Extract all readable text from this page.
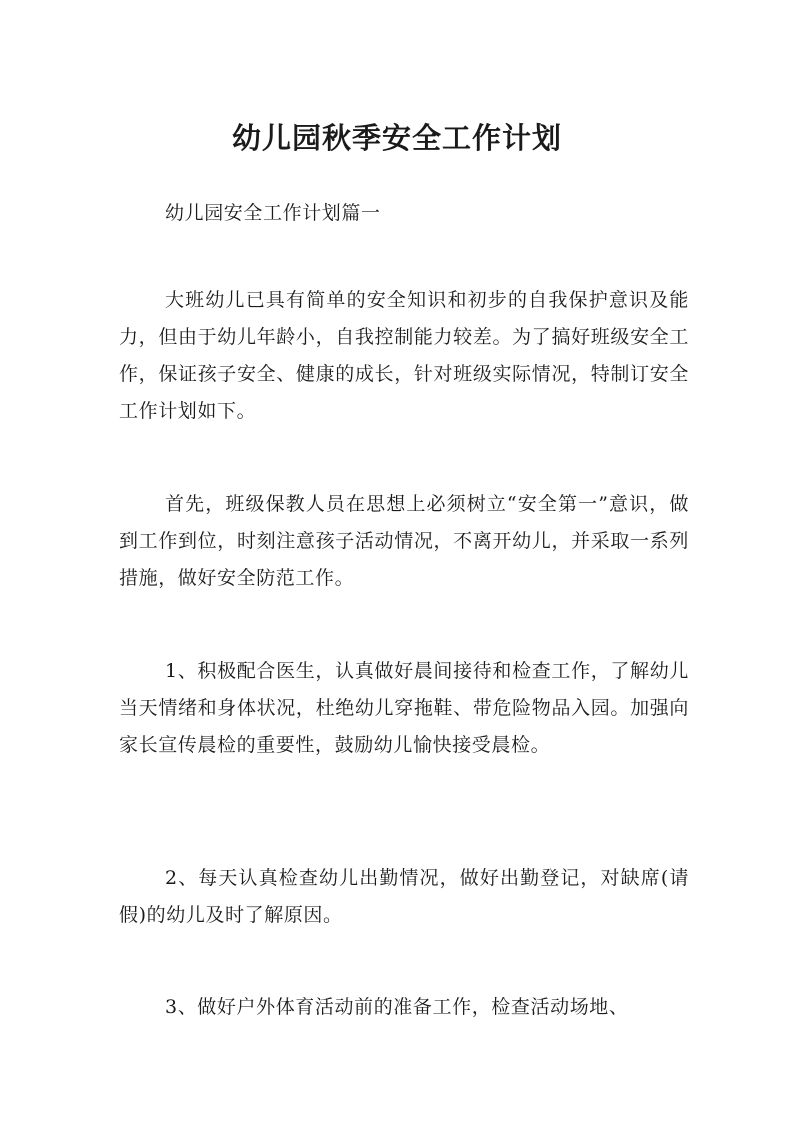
幼儿园秋季安全工作计划

幼儿园安全工作计划篇一

大班幼儿已具有简单的安全知识和初步的自我保护意识及能力，但由于幼儿年龄小，自我控制能力较差。为了搞好班级安全工作，保证孩子安全、健康的成长，针对班级实际情况，特制订安全工作计划如下。

首先，班级保教人员在思想上必须树立“安全第一”意识，做到工作到位，时刻注意孩子活动情况，不离开幼儿，并采取一系列措施，做好安全防范工作。

1、积极配合医生，认真做好晨间接待和检查工作，了解幼儿当天情绪和身体状况，杜绝幼儿穿拖鞋、带危险物品入园。加强向家长宣传晨检的重要性，鼓励幼儿愉快接受晨检。

2、每天认真检查幼儿出勤情况，做好出勤登记，对缺席(请假)的幼儿及时了解原因。

3、做好户外体育活动前的准备工作，检查活动场地、
